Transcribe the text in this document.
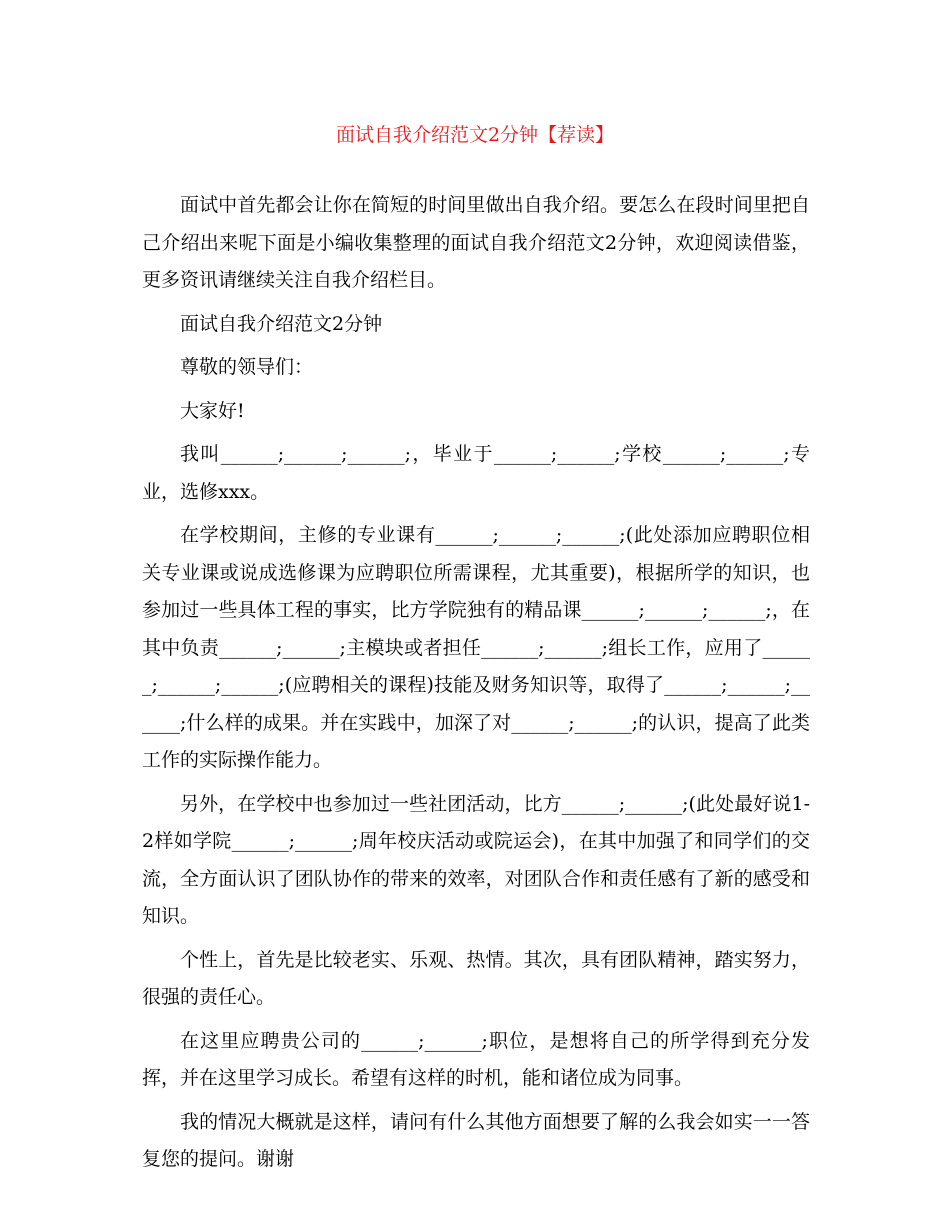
面试自我介绍范文2分钟【荐读】

面试中首先都会让你在简短的时间里做出自我介绍。要怎么在段时间里把自己介绍出来呢下面是小编收集整理的面试自我介绍范文2分钟，欢迎阅读借鉴，更多资讯请继续关注自我介绍栏目。

面试自我介绍范文2分钟

尊敬的领导们：

大家好!

我叫______;______;______;，毕业于______;______;学校______;______;专业，选修xxx。

在学校期间，主修的专业课有______;______;______;(此处添加应聘职位相关专业课或说成选修课为应聘职位所需课程，尤其重要)，根据所学的知识，也参加过一些具体工程的事实，比方学院独有的精品课______;______;______;，在其中负责______;______;主模块或者担任______;______;组长工作，应用了______;______;______;(应聘相关的课程)技能及财务知识等，取得了______;______;______;什么样的成果。并在实践中，加深了对______;______;的认识，提高了此类工作的实际操作能力。

另外，在学校中也参加过一些社团活动，比方______;______;(此处最好说1-2样如学院______;______;周年校庆活动或院运会)，在其中加强了和同学们的交流，全方面认识了团队协作的带来的效率，对团队合作和责任感有了新的感受和知识。

个性上，首先是比较老实、乐观、热情。其次，具有团队精神，踏实努力，很强的责任心。

在这里应聘贵公司的______;______;职位，是想将自己的所学得到充分发挥，并在这里学习成长。希望有这样的时机，能和诸位成为同事。

我的情况大概就是这样，请问有什么其他方面想要了解的么我会如实一一答复您的提问。谢谢
